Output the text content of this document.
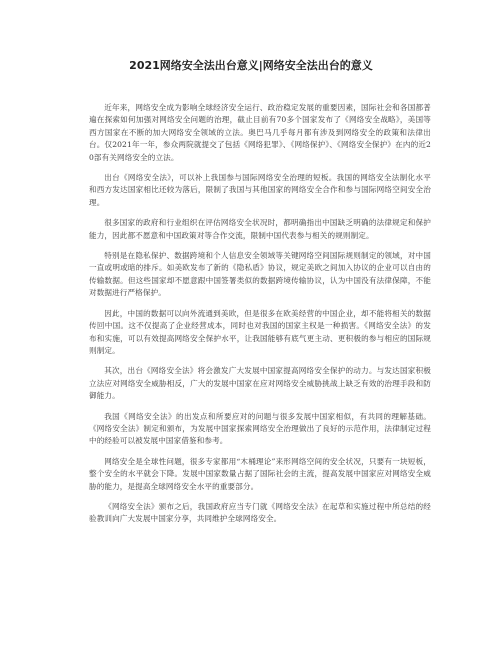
2021网络安全法出台意义|网络安全法出台的意义

近年来，网络安全成为影响全球经济安全运行、政治稳定发展的重要因素，国际社会和各国都普遍在探索如何加强对网络安全问题的治理，截止目前有70多个国家发布了《网络安全战略》，美国等西方国家在不断的加大网络安全领域的立法。奥巴马几乎每月都有涉及到网络安全的政策和法律出台。仅2021年一年，参众两院就提交了包括《网络犯罪》、《网络保护》、《网络安全保护》在内的近20部有关网络安全的立法。

出台《网络安全法》，可以补上我国参与国际网络安全治理的短板。我国的网络安全法制化水平和西方发达国家相比还较为落后，限制了我国与其他国家的网络安全合作和参与国际网络空间安全治理。

很多国家的政府和行业组织在评估网络安全状况时，都明确指出中国缺乏明确的法律规定和保护能力，因此都不愿意和中国政策对等合作交流，限制中国代表参与相关的规则制定。

特别是在隐私保护、数据跨境和个人信息安全领域等关键网络空间国际规则制定的领域，对中国一直或明或暗的排斥。如美欧发布了新的《隐私盾》协议，规定美欧之间加入协议的企业可以自由的传输数据。但这些国家却不愿意跟中国签署类似的数据跨境传输协议，认为中国没有法律保障，不能对数据进行严格保护。

因此，中国的数据可以向外流通到美欧，但是很多在欧美经营的中国企业，却不能将相关的数据传回中国。这不仅提高了企业经营成本，同时也对我国的国家主权是一种损害。《网络安全法》的发布和实施，可以有效提高网络安全保护水平，让我国能够有底气更主动、更积极的参与相应的国际规则制定。

其次，出台《网络安全法》将会激发广大发展中国家提高网络安全保护的动力。与发达国家积极立法应对网络安全威胁相反，广大的发展中国家在应对网络安全威胁挑战上缺乏有效的治理手段和防御能力。

我国《网络安全法》的出发点和所要应对的问题与很多发展中国家相似，有共同的理解基础。《网络安全法》制定和颁布，为发展中国家探索网络安全治理做出了良好的示范作用，法律制定过程中的经验可以被发展中国家借鉴和参考。

网络安全是全球性问题，很多专家都用“木桶理论”来形网络空间的安全状况，只要有一块短板，整个安全的水平就会下降。发展中国家数量占据了国际社会的主流，提高发展中国家应对网络安全威胁的能力，是提高全球网络安全水平的重要部分。

《网络安全法》颁布之后，我国政府应当专门就《网络安全法》在起草和实施过程中所总结的经验教训向广大发展中国家分享，共同维护全球网络安全。
